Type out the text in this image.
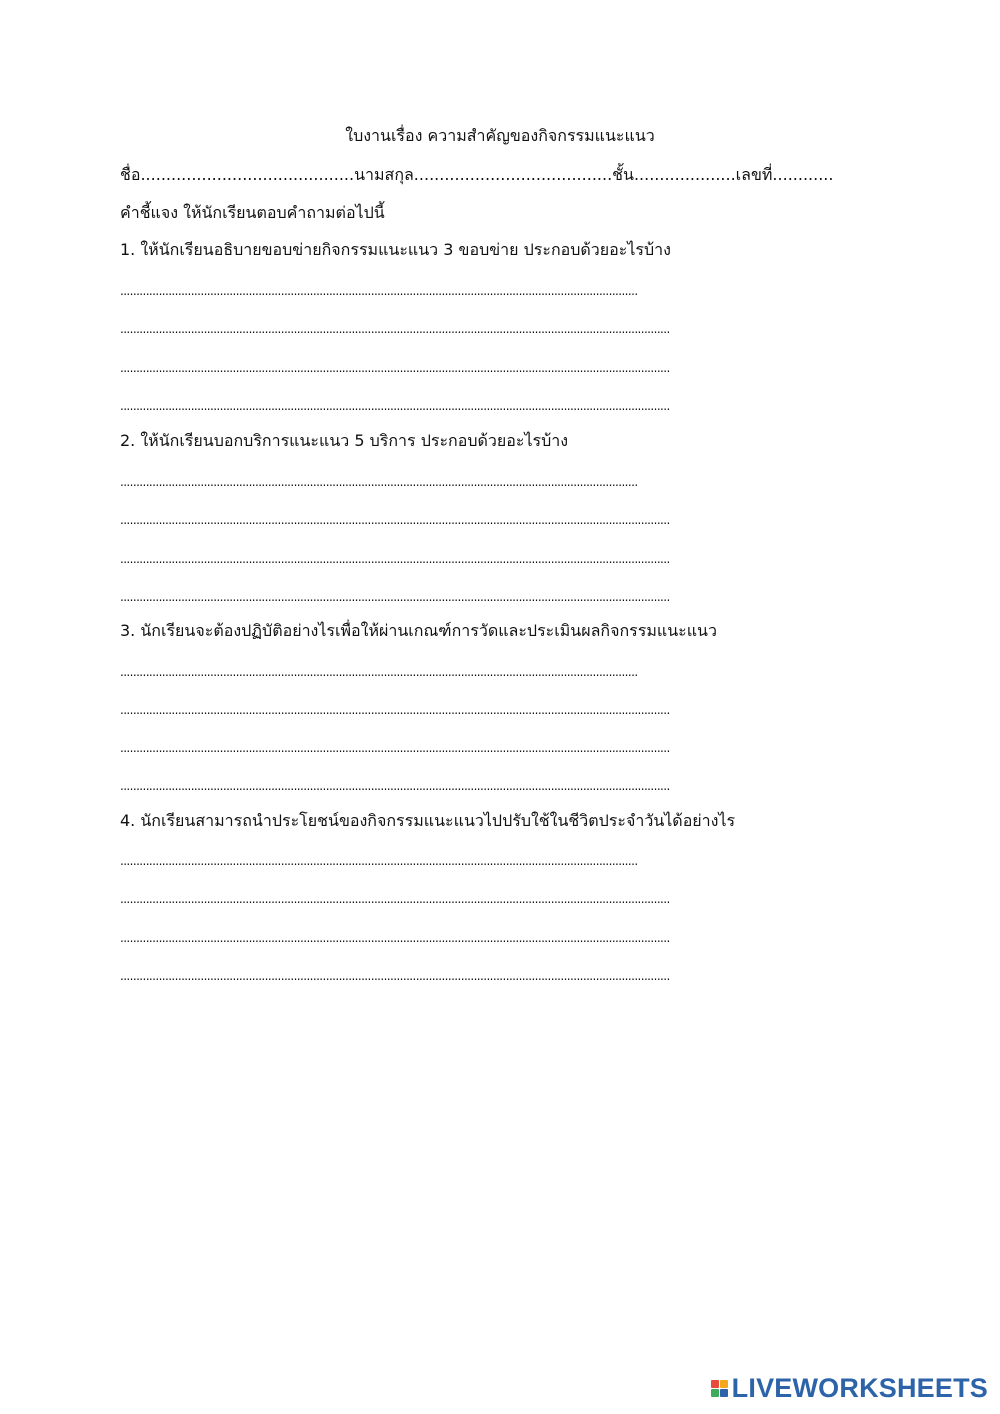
ใบงานเรื่อง ความสำคัญของกิจกรรมแนะแนว
ชื่อ..........................................นามสกุล.......................................ชั้น....................เลขที่............
คำชี้แจง ให้นักเรียนตอบคำถามต่อไปนี้
1. ให้นักเรียนอธิบายขอบข่ายกิจกรรมแนะแนว 3 ขอบข่าย ประกอบด้วยอะไรบ้าง
.................................................................................................................................................................
...........................................................................................................................................................................
...........................................................................................................................................................................
...........................................................................................................................................................................
2. ให้นักเรียนบอกบริการแนะแนว 5 บริการ ประกอบด้วยอะไรบ้าง
.................................................................................................................................................................
...........................................................................................................................................................................
...........................................................................................................................................................................
...........................................................................................................................................................................
3. นักเรียนจะต้องปฏิบัติอย่างไรเพื่อให้ผ่านเกณฑ์การวัดและประเมินผลกิจกรรมแนะแนว
.................................................................................................................................................................
...........................................................................................................................................................................
...........................................................................................................................................................................
...........................................................................................................................................................................
4. นักเรียนสามารถนำประโยชน์ของกิจกรรมแนะแนวไปปรับใช้ในชีวิตประจำวันได้อย่างไร
.................................................................................................................................................................
...........................................................................................................................................................................
...........................................................................................................................................................................
...........................................................................................................................................................................
LIVEWORKSHEETS
